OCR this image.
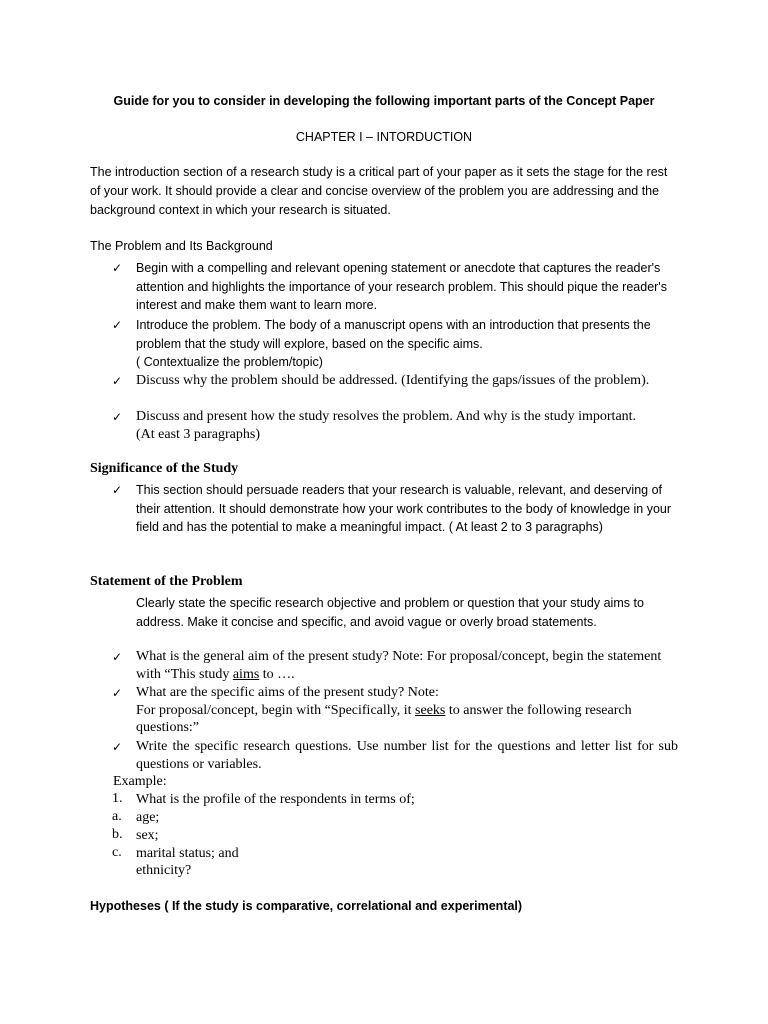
Guide for you to consider in developing the following important parts of the Concept Paper
CHAPTER I – INTORDUCTION
The introduction section of a research study is a critical part of your paper as it sets the stage for the rest of your work. It should provide a clear and concise overview of the problem you are addressing and the background context in which your research is situated.
The Problem and Its Background
✓	Begin with a compelling and relevant opening statement or anecdote that captures the reader's attention and highlights the importance of your research problem. This should pique the reader's interest and make them want to learn more.
✓	Introduce the problem. The body of a manuscript opens with an introduction that presents the problem that the study will explore, based on the specific aims.
( Contextualize the problem/topic)
✓ Discuss why the problem should be addressed. (Identifying the gaps/issues of the problem).
✓ Discuss and present how the study resolves the problem. And why is the study important.
(At east 3 paragraphs)
Significance of the Study
✓	This section should persuade readers that your research is valuable, relevant, and deserving of their attention. It should demonstrate how your work contributes to the body of knowledge in your field and has the potential to make a meaningful impact. ( At least 2 to 3 paragraphs)
Statement of the Problem
Clearly state the specific research objective and problem or question that your study aims to address. Make it concise and specific, and avoid vague or overly broad statements.
✓ What is the general aim of the present study? Note: For proposal/concept, begin the statement with “This study aims to ….
✓ What are the specific aims of the present study? Note:
For proposal/concept, begin with “Specifically, it seeks to answer the following research questions:”
✓ Write the specific research questions. Use number list for the questions and letter list for sub questions or variables.
Example:
1. What is the profile of the respondents in terms of;
a. age;
b. sex;
c. marital status; and
ethnicity?
Hypotheses ( If the study is comparative, correlational and experimental)
